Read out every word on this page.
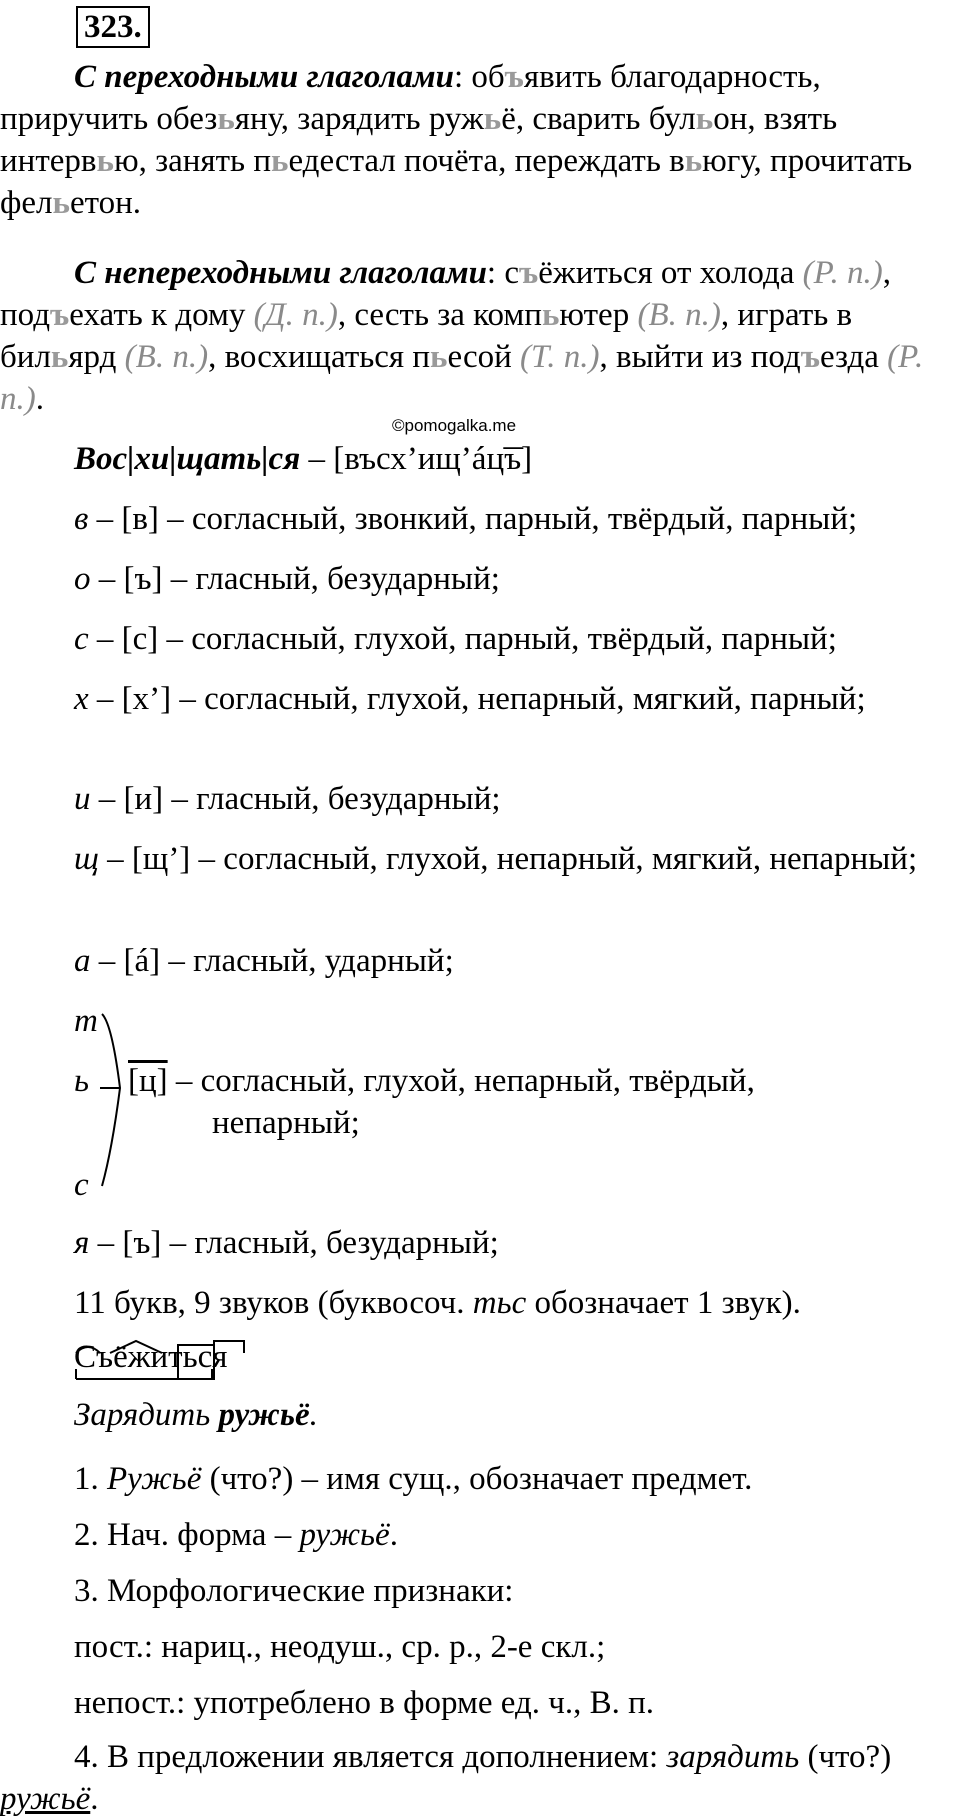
323.

С переходными глаголами: объявить благодарность, приручить обезьяну, зарядить ружьё, сварить бульон, взять интервью, занять пьедестал почёта, переждать вьюгу, прочитать фельетон.

С непереходными глаголами: съёжиться от холода (Р. п.), подъехать к дому (Д. п.), сесть за компьютер (В. п.), играть в бильярд (В. п.), восхищаться пьесой (Т. п.), выйти из подъезда (Р. п.).

©pomogalka.me

Вос|хи|щать|ся – [въсх’ищ’áц͞ъ]

в – [в] – согласный, звонкий, парный, твёрдый, парный;

о – [ъ] – гласный, безударный;

с – [с] – согласный, глухой, парный, твёрдый, парный;

х – [х’] – согласный, глухой, непарный, мягкий, парный;

и – [и] – гласный, безударный;

щ – [щ’] – согласный, глухой, непарный, мягкий, непарный;

а – [á] – гласный, ударный;

т
ь
с
[ц] – согласный, глухой, непарный, твёрдый,
непарный;

я – [ъ] – гласный, безударный;

11 букв, 9 звуков (буквосоч. тьс обозначает 1 звук).

Съёжиться

Зарядить ружьё.

1. Ружьё (что?) – имя сущ., обозначает предмет.

2. Нач. форма – ружьё.

3. Морфологические признаки:

пост.: нариц., неодуш., ср. р., 2-е скл.;

непост.: употреблено в форме ед. ч., В. п.

4. В предложении является дополнением: зарядить (что?) ружьё.
